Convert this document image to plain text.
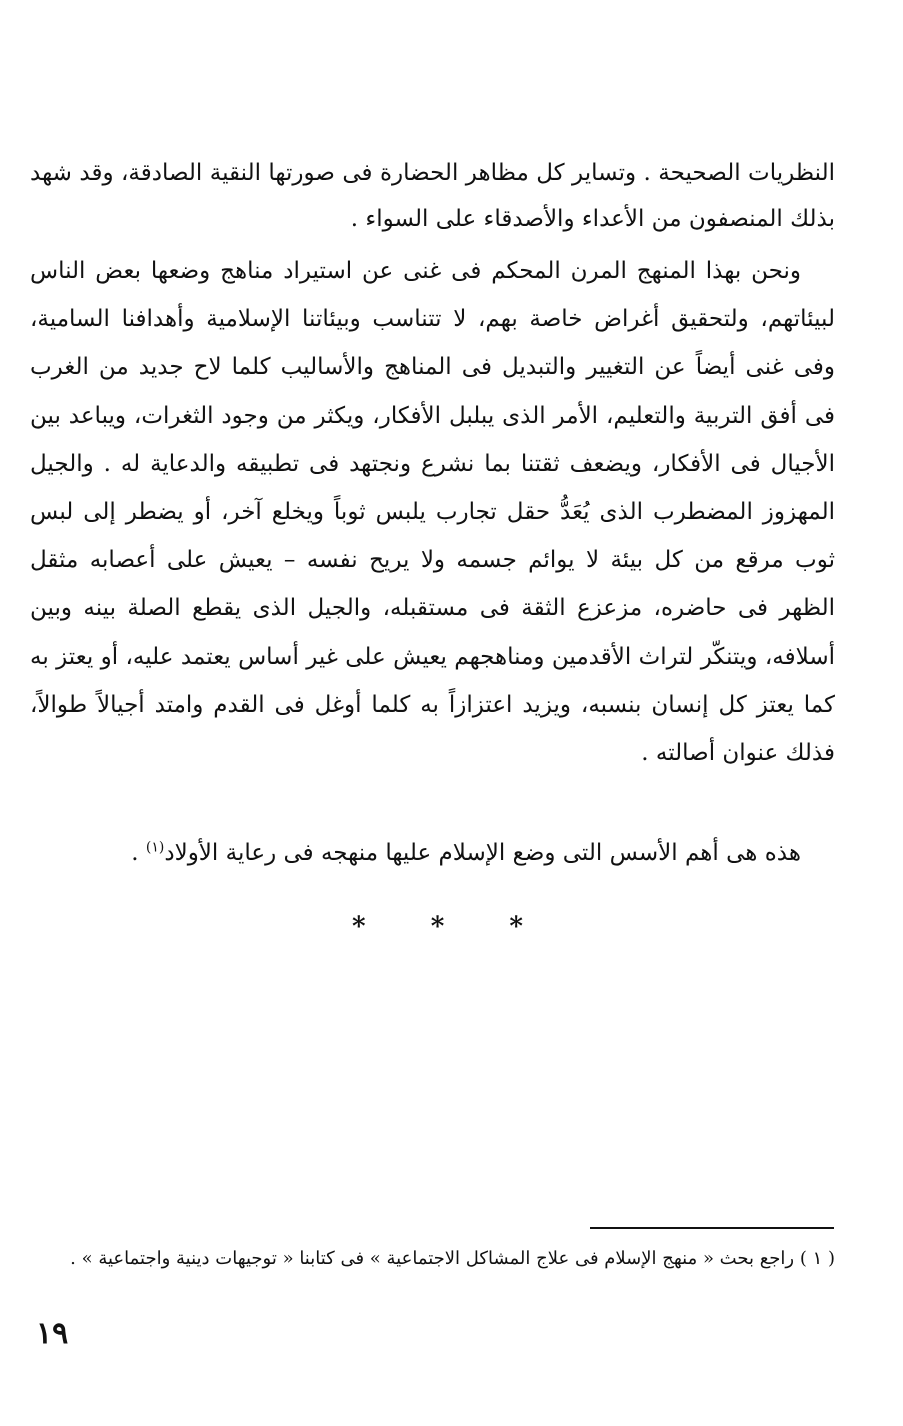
النظريات الصحيحة . وتساير كل مظاهر الحضارة فى صورتها النقية الصادقة، وقد شهد بذلك المنصفون من الأعداء والأصدقاء على السواء .

ونحن بهذا المنهج المرن المحكم فى غنى عن استيراد مناهج وضعها بعض الناس لبيئاتهم، ولتحقيق أغراض خاصة بهم، لا تتناسب وبيئاتنا الإسلامية وأهدافنا السامية، وفى غنى أيضاً عن التغيير والتبديل فى المناهج والأساليب كلما لاح جديد من الغرب فى أفق التربية والتعليم، الأمر الذى يبلبل الأفكار، ويكثر من وجود الثغرات، ويباعد بين الأجيال فى الأفكار، ويضعف ثقتنا بما نشرع ونجتهد فى تطبيقه والدعاية له . والجيل المهزوز المضطرب الذى يُعَدُّ حقل تجارب يلبس ثوباً ويخلع آخر، أو يضطر إلى لبس ثوب مرقع من كل بيئة لا يوائم جسمه ولا يريح نفسه – يعيش على أعصابه مثقل الظهر فى حاضره، مزعزع الثقة فى مستقبله، والجيل الذى يقطع الصلة بينه وبين أسلافه، ويتنكّر لتراث الأقدمين ومناهجهم يعيش على غير أساس يعتمد عليه، أو يعتز به كما يعتز كل إنسان بنسبه، ويزيد اعتزازاً به كلما أوغل فى القدم وامتد أجيالاً طوالاً، فذلك عنوان أصالته .

هذه هى أهم الأسس التى وضع الإسلام عليها منهجه فى رعاية الأولاد$^{(١)}$ .

* * *

( ١ ) راجع بحث « منهج الإسلام فى علاج المشاكل الاجتماعية » فى كتابنا « توجيهات دينية واجتماعية » .

١٩
